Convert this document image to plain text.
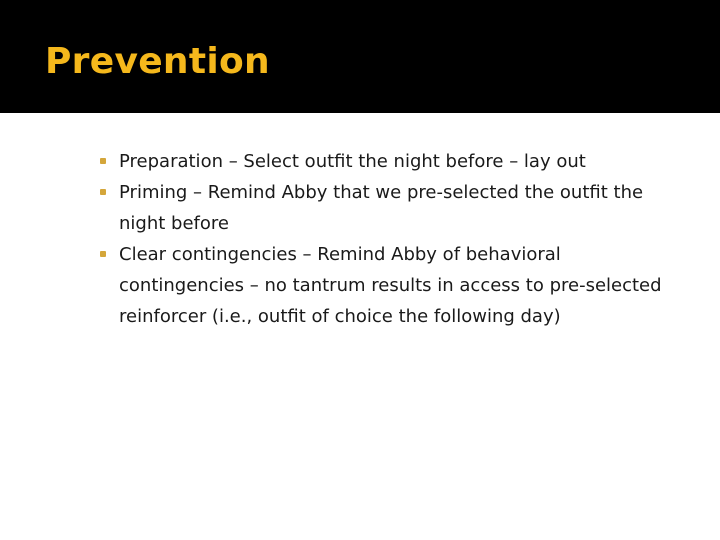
Prevention
Preparation – Select outfit the night before – lay out
Priming – Remind Abby that we pre-selected the outfit the night before
Clear contingencies – Remind Abby of behavioral contingencies – no tantrum results in access to pre-selected reinforcer (i.e., outfit of choice the following day)
